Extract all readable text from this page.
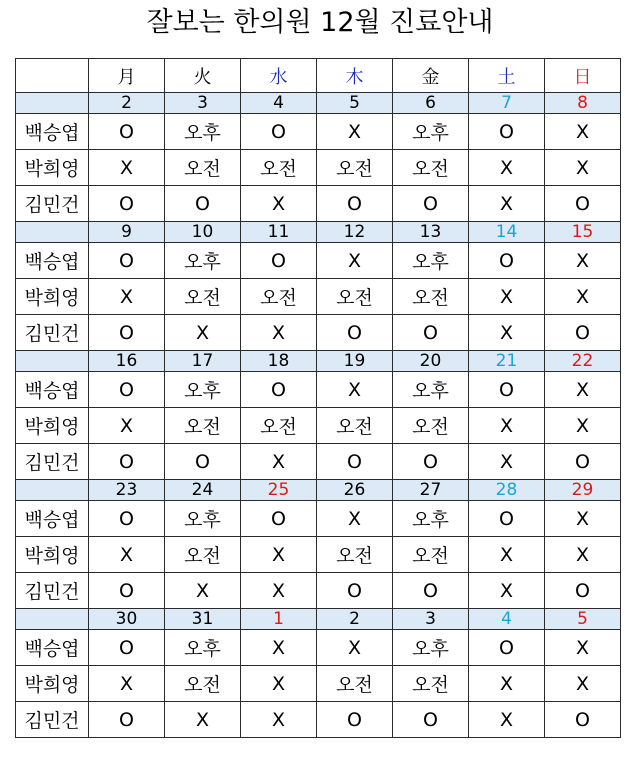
잘보는 한의원 12월 진료안내
	月	火	水	木	金	土	日
	2	3	4	5	6	7	8
백승엽	O	오후	O	X	오후	O	X
박희영	X	오전	오전	오전	오전	X	X
김민건	O	O	X	O	O	X	O
	9	10	11	12	13	14	15
백승엽	O	오후	O	X	오후	O	X
박희영	X	오전	오전	오전	오전	X	X
김민건	O	X	X	O	O	X	O
	16	17	18	19	20	21	22
백승엽	O	오후	O	X	오후	O	X
박희영	X	오전	오전	오전	오전	X	X
김민건	O	O	X	O	O	X	O
	23	24	25	26	27	28	29
백승엽	O	오후	O	X	오후	O	X
박희영	X	오전	X	오전	오전	X	X
김민건	O	X	X	O	O	X	O
	30	31	1	2	3	4	5
백승엽	O	오후	X	X	오후	O	X
박희영	X	오전	X	오전	오전	X	X
김민건	O	X	X	O	O	X	O
